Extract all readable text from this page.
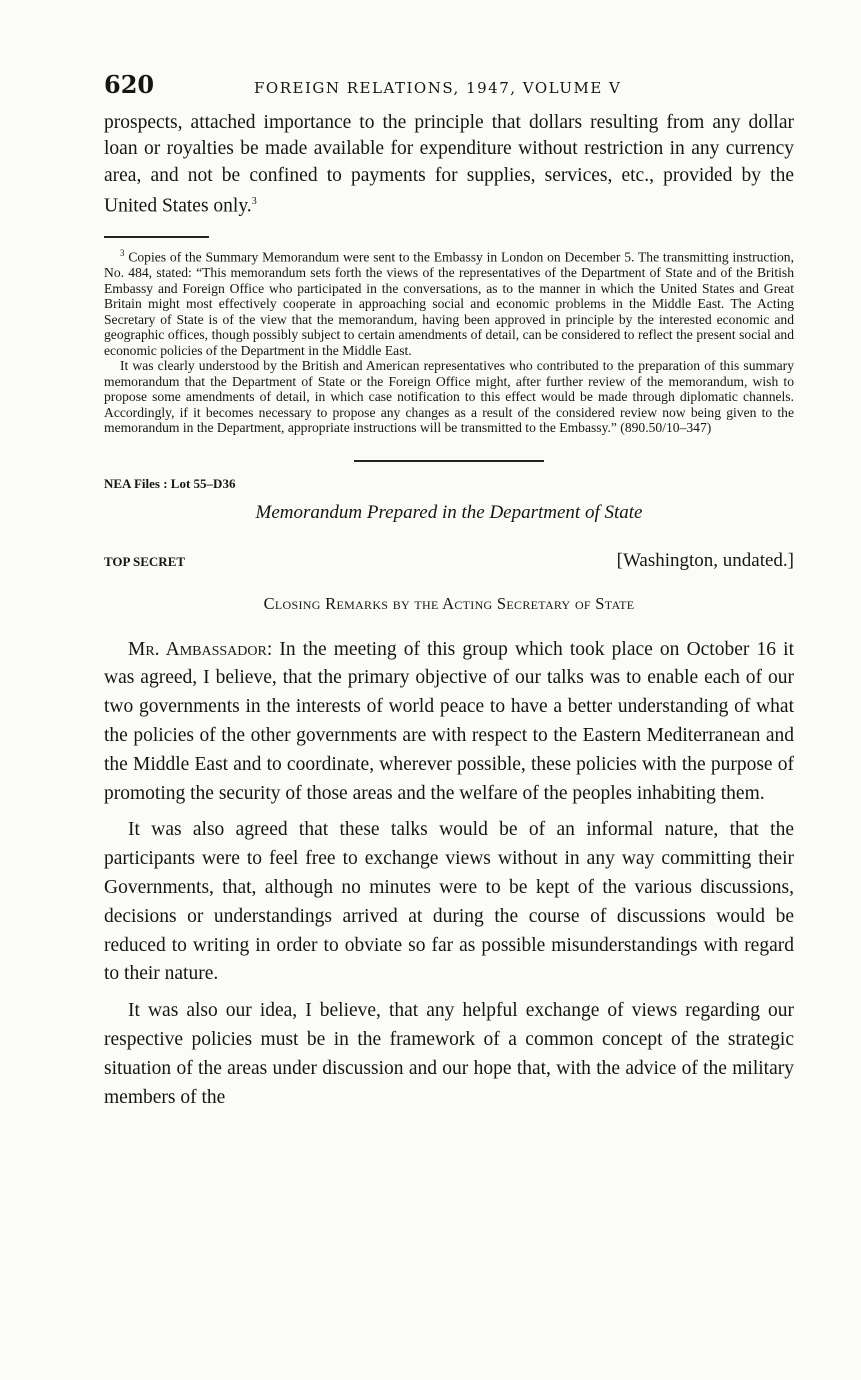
620	FOREIGN RELATIONS, 1947, VOLUME V

prospects, attached importance to the principle that dollars resulting from any dollar loan or royalties be made available for expenditure without restriction in any currency area, and not be confined to payments for supplies, services, etc., provided by the United States only.$^3$

$^3$ Copies of the Summary Memorandum were sent to the Embassy in London on December 5. The transmitting instruction, No. 484, stated: “This memorandum sets forth the views of the representatives of the Department of State and of the British Embassy and Foreign Office who participated in the conversations, as to the manner in which the United States and Great Britain might most effectively cooperate in approaching social and economic problems in the Middle East. The Acting Secretary of State is of the view that the memorandum, having been approved in principle by the interested economic and geographic offices, though possibly subject to certain amendments of detail, can be considered to reflect the present social and economic policies of the Department in the Middle East.

It was clearly understood by the British and American representatives who contributed to the preparation of this summary memorandum that the Department of State or the Foreign Office might, after further review of the memorandum, wish to propose some amendments of detail, in which case notification to this effect would be made through diplomatic channels. Accordingly, if it becomes necessary to propose any changes as a result of the considered review now being given to the memorandum in the Department, appropriate instructions will be transmitted to the Embassy.” (890.50/10–347)

NEA Files : Lot 55–D36
Memorandum Prepared in the Department of State
TOP SECRET	[Washington, undated.]
Closing Remarks by the Acting Secretary of State

Mr. Ambassador: In the meeting of this group which took place on October 16 it was agreed, I believe, that the primary objective of our talks was to enable each of our two governments in the interests of world peace to have a better understanding of what the policies of the other governments are with respect to the Eastern Mediterranean and the Middle East and to coordinate, wherever possible, these policies with the purpose of promoting the security of those areas and the welfare of the peoples inhabiting them.

It was also agreed that these talks would be of an informal nature, that the participants were to feel free to exchange views without in any way committing their Governments, that, although no minutes were to be kept of the various discussions, decisions or understandings arrived at during the course of discussions would be reduced to writing in order to obviate so far as possible misunderstandings with regard to their nature.

It was also our idea, I believe, that any helpful exchange of views regarding our respective policies must be in the framework of a common concept of the strategic situation of the areas under discussion and our hope that, with the advice of the military members of the
